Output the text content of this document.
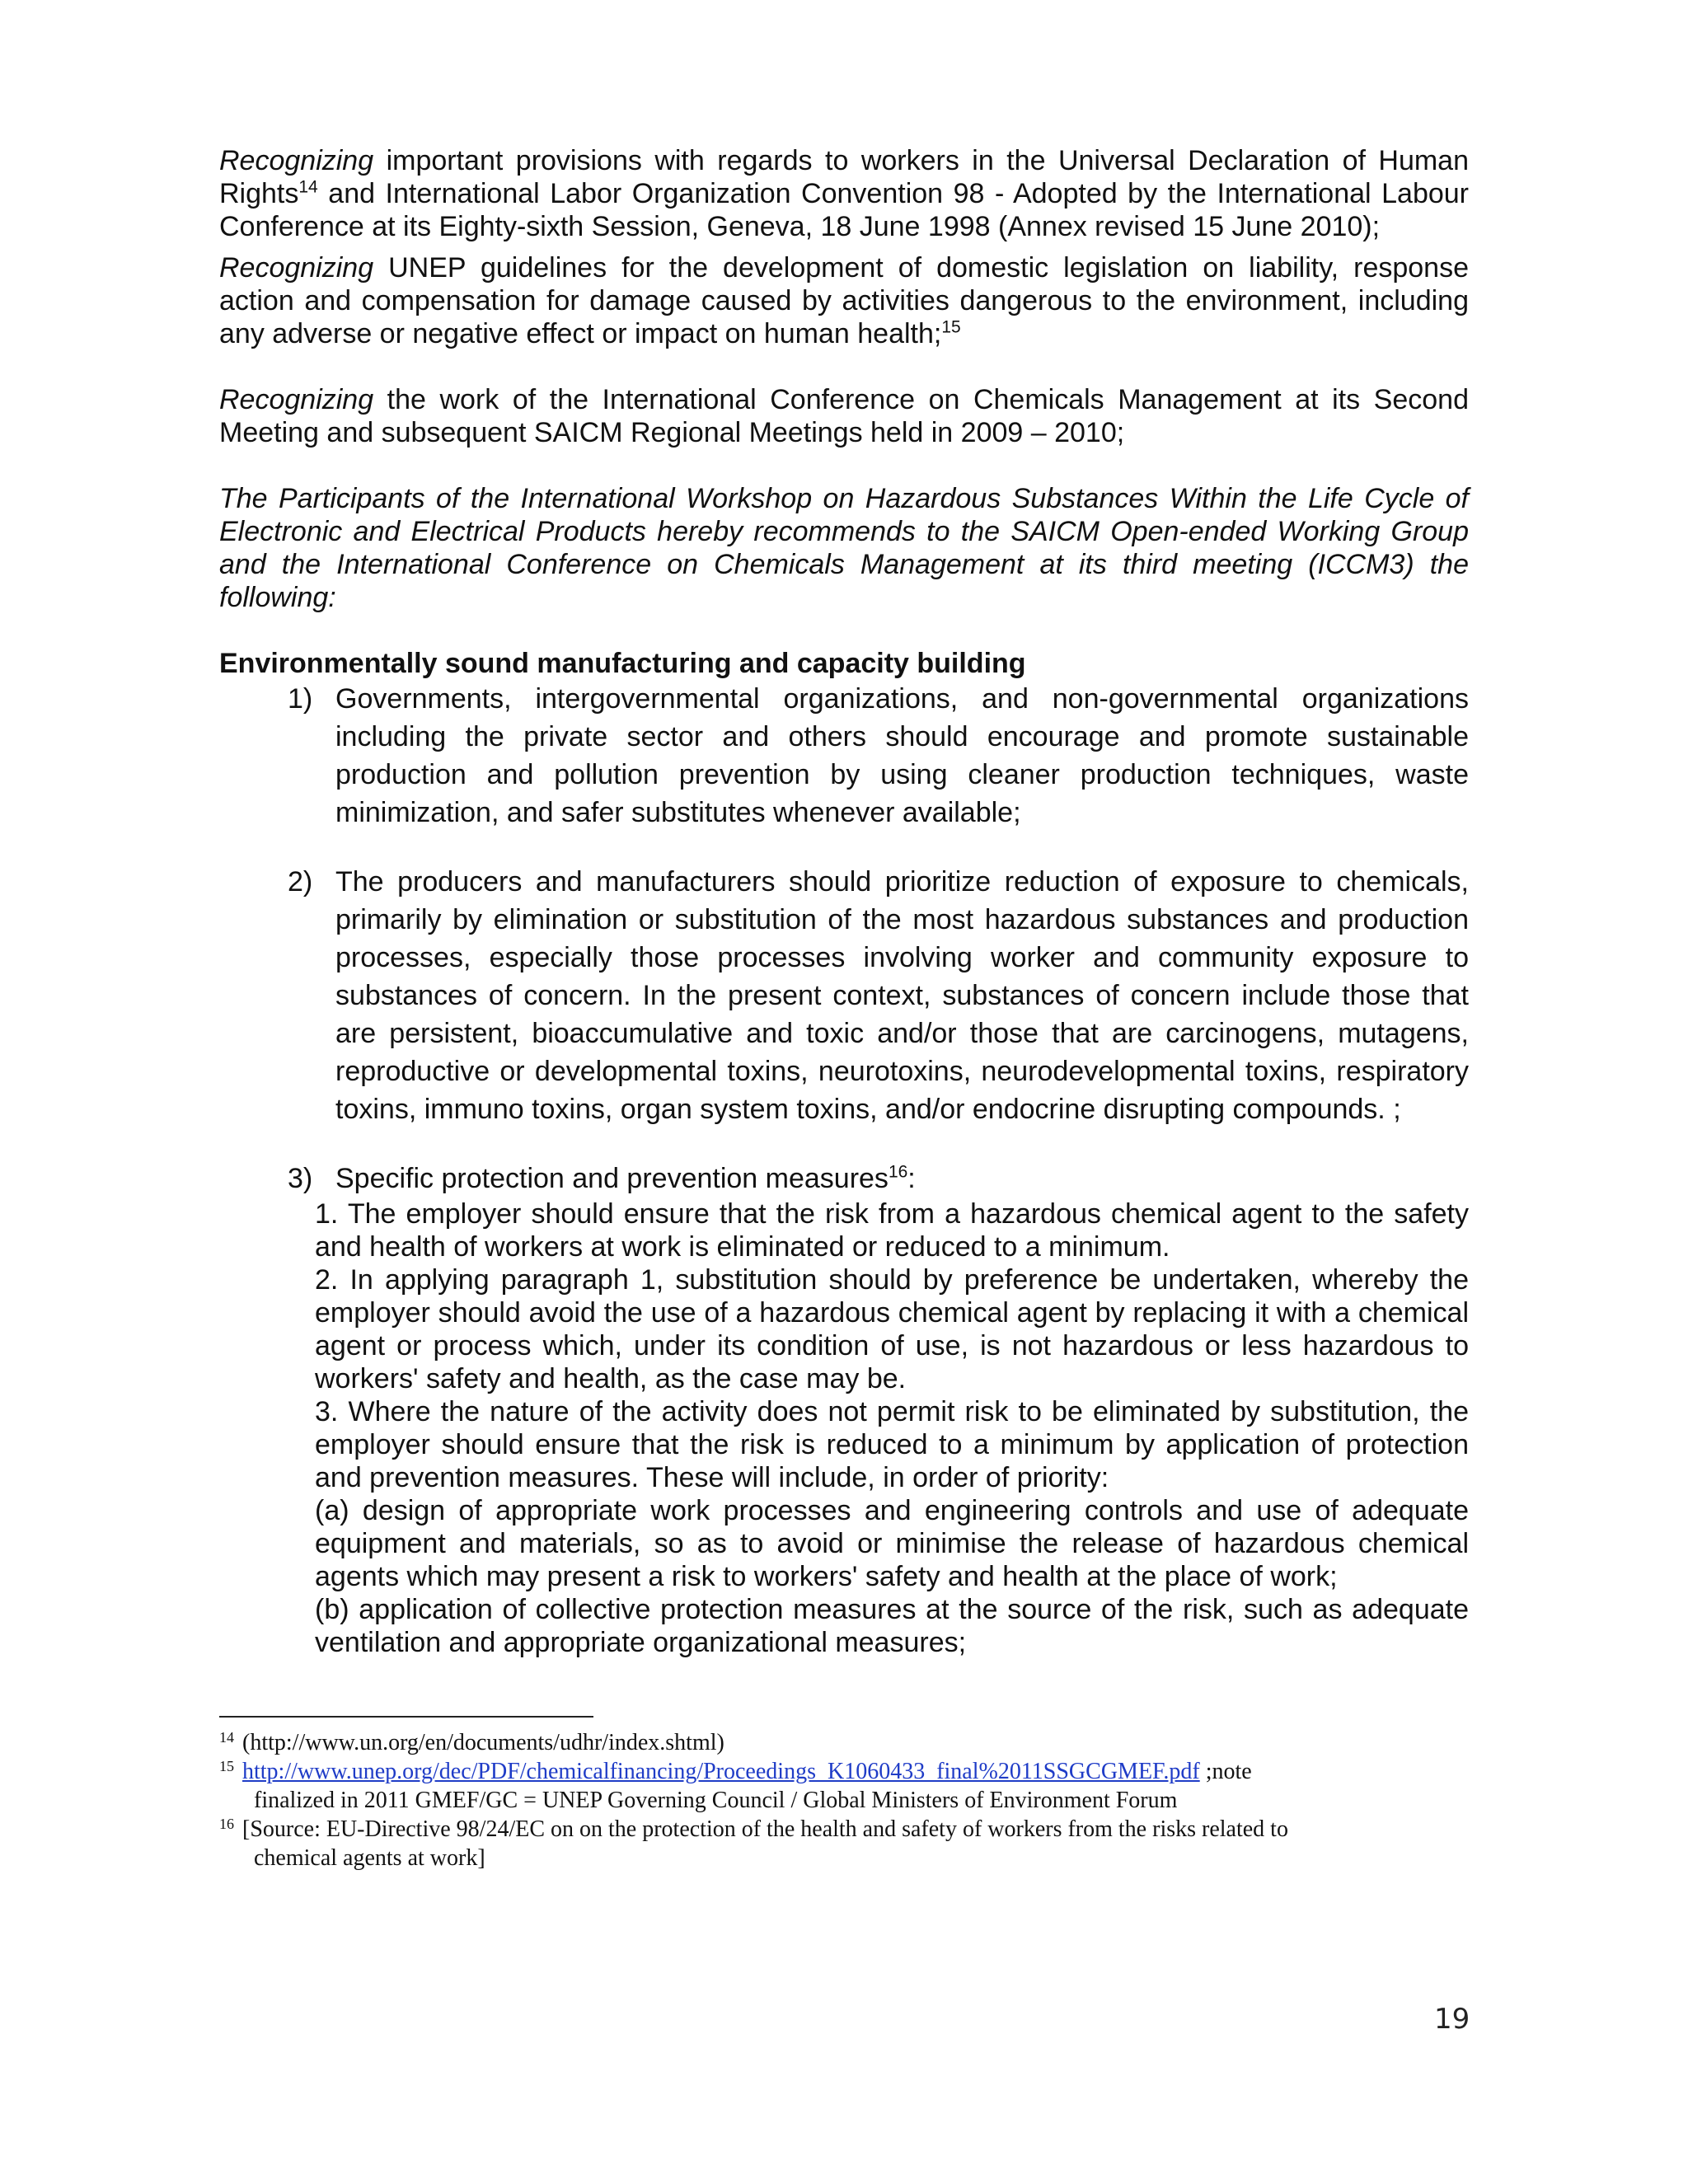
Recognizing important provisions with regards to workers in the Universal Declaration of Human Rights$^{14}$ and International Labor Organization Convention 98 - Adopted by the International Labour Conference at its Eighty-sixth Session, Geneva, 18 June 1998 (Annex revised 15 June 2010);

Recognizing UNEP guidelines for the development of domestic legislation on liability, response action and compensation for damage caused by activities dangerous to the environment, including any adverse or negative effect or impact on human health;$^{15}$

Recognizing the work of the International Conference on Chemicals Management at its Second Meeting and subsequent SAICM Regional Meetings held in 2009 – 2010;

The Participants of the International Workshop on Hazardous Substances Within the Life Cycle of Electronic and Electrical Products hereby recommends to the SAICM Open-ended Working Group and the International Conference on Chemicals Management at its third meeting (ICCM3) the following:

Environmentally sound manufacturing and capacity building
1) Governments, intergovernmental organizations, and non-governmental organizations including the private sector and others should encourage and promote sustainable production and pollution prevention by using cleaner production techniques, waste minimization, and safer substitutes whenever available;
2) The producers and manufacturers should prioritize reduction of exposure to chemicals, primarily by elimination or substitution of the most hazardous substances and production processes, especially those processes involving worker and community exposure to substances of concern. In the present context, substances of concern include those that are persistent, bioaccumulative and toxic and/or those that are carcinogens, mutagens, reproductive or developmental toxins, neurotoxins, neurodevelopmental toxins, respiratory toxins, immuno toxins, organ system toxins, and/or endocrine disrupting compounds. ;
3) Specific protection and prevention measures$^{16}$:

1. The employer should ensure that the risk from a hazardous chemical agent to the safety and health of workers at work is eliminated or reduced to a minimum.

2. In applying paragraph 1, substitution should by preference be undertaken, whereby the employer should avoid the use of a hazardous chemical agent by replacing it with a chemical agent or process which, under its condition of use, is not hazardous or less hazardous to workers' safety and health, as the case may be.

3. Where the nature of the activity does not permit risk to be eliminated by substitution, the employer should ensure that the risk is reduced to a minimum by application of protection and prevention measures. These will include, in order of priority:

(a) design of appropriate work processes and engineering controls and use of adequate equipment and materials, so as to avoid or minimise the release of hazardous chemical agents which may present a risk to workers' safety and health at the place of work;

(b) application of collective protection measures at the source of the risk, such as adequate ventilation and appropriate organizational measures;

14 (http://www.un.org/en/documents/udhr/index.shtml)
15 http://www.unep.org/dec/PDF/chemicalfinancing/Proceedings_K1060433_final%2011SSGCGMEF.pdf ;note
finalized in 2011 GMEF/GC = UNEP Governing Council / Global Ministers of Environment Forum
16 [Source: EU-Directive 98/24/EC on on the protection of the health and safety of workers from the risks related to
chemical agents at work]
19
